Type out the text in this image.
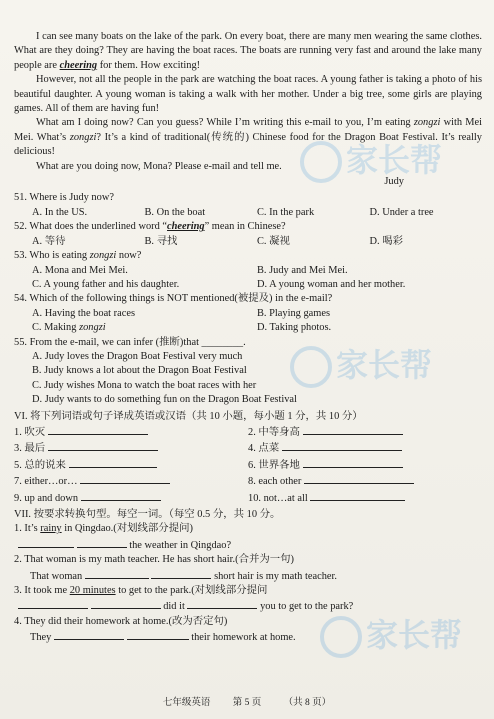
家长帮
家长帮
家长帮

I can see many boats on the lake of the park. On every boat, there are many men wearing the same clothes. What are they doing? They are having the boat races. The boats are running very fast and around the lake many people are cheering for them. How exciting!

However, not all the people in the park are watching the boat races. A young father is taking a photo of his beautiful daughter. A young woman is taking a walk with her mother. Under a big tree, some girls are playing games. All of them are having fun!

What am I doing now? Can you guess? While I’m writing this e-mail to you, I’m eating zongzi with Mei Mei. What’s zongzi? It’s a kind of traditional(传统的) Chinese food for the Dragon Boat Festival. It’s really delicious!

What are you doing now, Mona? Please e-mail and tell me.

Judy

51. Where is Judy now?

A. In the US.	B. On the boat	C. In the park	D. Under a tree

52. What does the underlined word “cheering” mean in Chinese?

A. 等待	B. 寻找	C. 凝视	D. 喝彩

53. Who is eating zongzi now?

A. Mona and Mei Mei.	B. Judy and Mei Mei.
C. A young father and his daughter.	D. A young woman and her mother.

54. Which of the following things is NOT mentioned(被提及) in the e-mail?

A. Having the boat races	B. Playing games
C. Making zongzi	D. Taking photos.

55. From the e-mail, we can infer (推断)that ________.

A. Judy loves the Dragon Boat Festival very much
B. Judy knows a lot about the Dragon Boat Festival
C. Judy wishes Mona to watch the boat races with her
D. Judy wants to do something fun on the Dragon Boat Festival

VI. 将下列词语或句子译成英语或汉语（共 10 小题，每小题 1 分，共 10 分）

1. 吹灭	2. 中等身高
3. 最后	4. 点菜
5. 总的说来	6. 世界各地
7. either…or…	8. each other
9. up and down	10. not…at all

VII. 按要求转换句型。每空一词。（每空 0.5 分，共 10 分。

1. It’s rainy in Qingdao.(对划线部分提问)

the weather in Qingdao?

2. That woman is my math teacher. He has short hair.(合并为一句)

That woman	short hair is my math teacher.

3. It took me 20 minutes to get to the park.(对划线部分提问

did it	you to get to the park?

4. They did their homework at home.(改为否定句)

They	their homework at home.

七年级英语 第 5 页 （共 8 页）
